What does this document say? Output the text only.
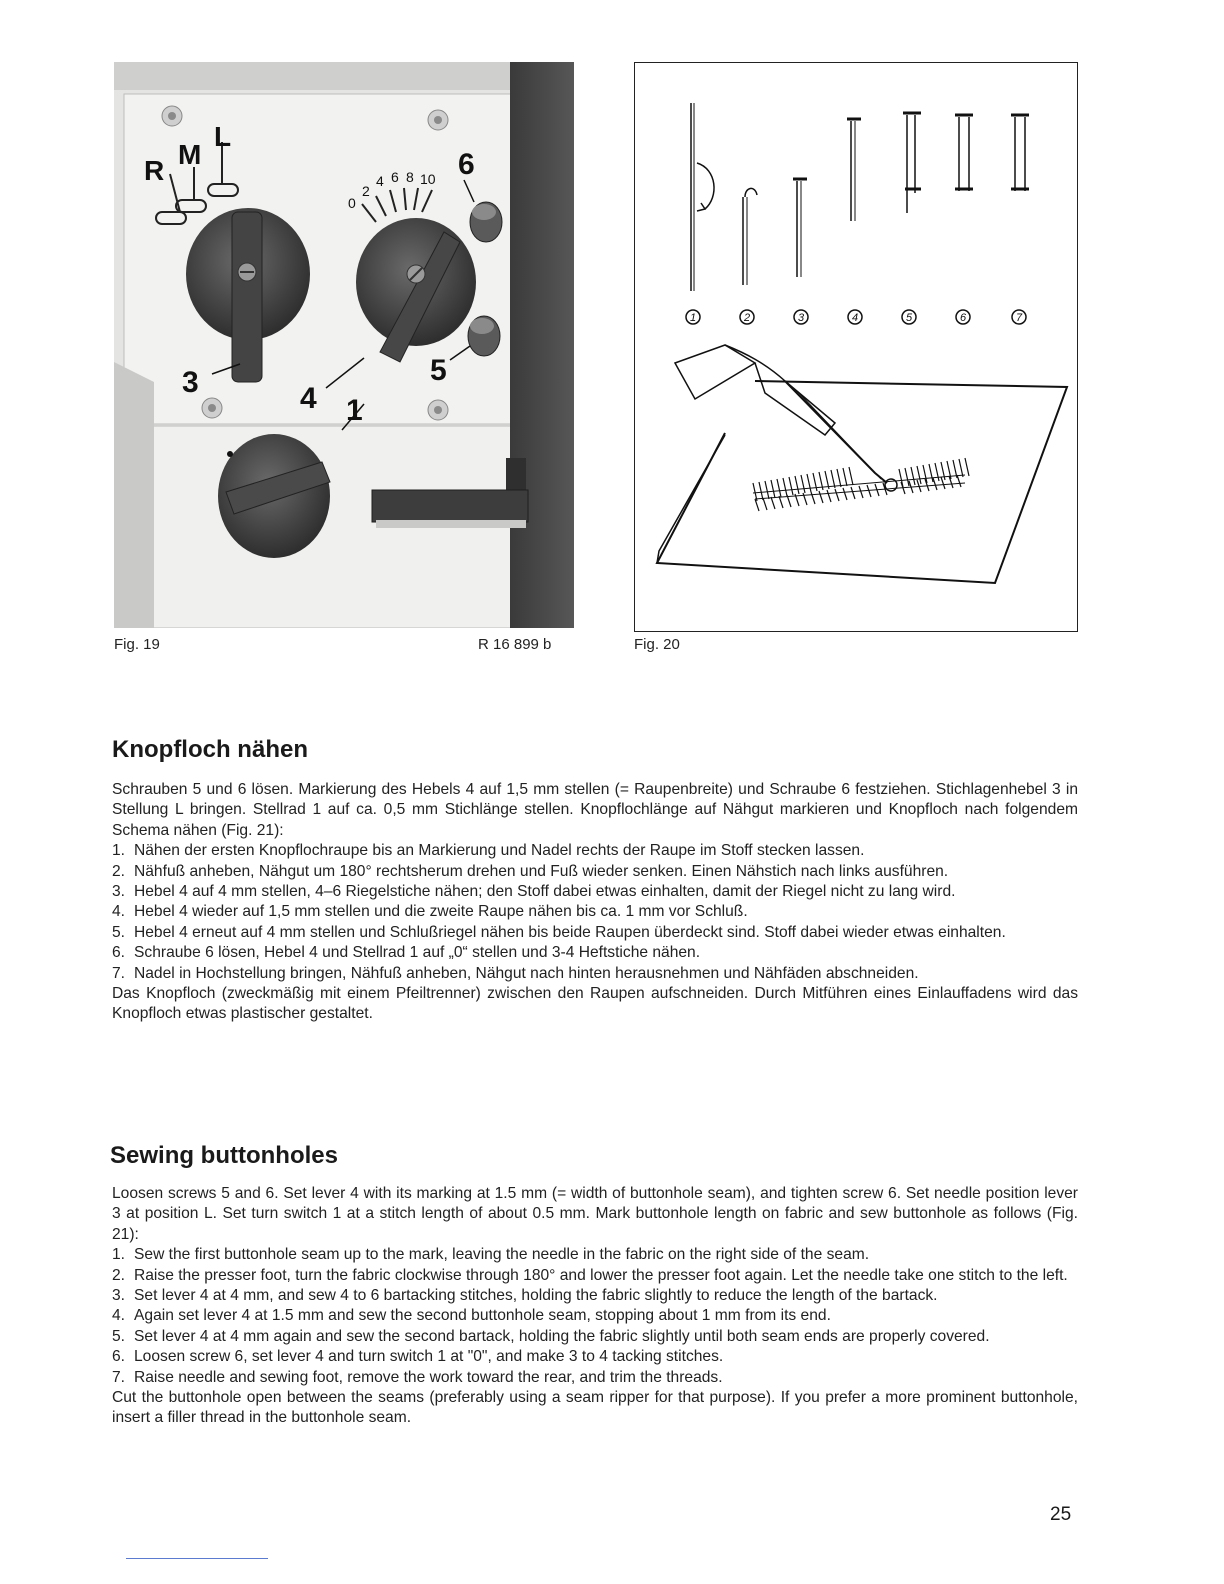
R
M
L
0
2
4 6 8 10 6
5
3	4 1
Fig. 19	R 16 899 b
1	2	3	4	5	6	7
Fig. 20
Knopfloch nähen

Schrauben 5 und 6 lösen. Markierung des Hebels 4 auf 1,5 mm stellen (= Raupenbreite) und Schraube 6 festziehen. Stichlagenhebel 3 in Stellung L bringen. Stellrad 1 auf ca. 0,5 mm Stichlänge stellen. Knopflochlänge auf Nähgut markieren und Knopfloch nach folgendem Schema nähen (Fig. 21):

1. Nähen der ersten Knopflochraupe bis an Markierung und Nadel rechts der Raupe im Stoff stecken lassen.
2. Nähfuß anheben, Nähgut um 180° rechtsherum drehen und Fuß wieder senken. Einen Nähstich nach links ausführen.
3. Hebel 4 auf 4 mm stellen, 4–6 Riegelstiche nähen; den Stoff dabei etwas einhalten, damit der Riegel nicht zu lang wird.
4. Hebel 4 wieder auf 1,5 mm stellen und die zweite Raupe nähen bis ca. 1 mm vor Schluß.
5. Hebel 4 erneut auf 4 mm stellen und Schlußriegel nähen bis beide Raupen überdeckt sind. Stoff dabei wieder etwas einhalten.
6. Schraube 6 lösen, Hebel 4 und Stellrad 1 auf „0“ stellen und 3-4 Heftstiche nähen.
7. Nadel in Hochstellung bringen, Nähfuß anheben, Nähgut nach hinten herausnehmen und Nähfäden abschneiden.

Das Knopfloch (zweckmäßig mit einem Pfeiltrenner) zwischen den Raupen aufschneiden. Durch Mitführen eines Einlauffadens wird das Knopfloch etwas plastischer gestaltet.

Sewing buttonholes

Loosen screws 5 and 6. Set lever 4 with its marking at 1.5 mm (= width of buttonhole seam), and tighten screw 6. Set needle position lever 3 at position L. Set turn switch 1 at a stitch length of about 0.5 mm. Mark buttonhole length on fabric and sew buttonhole as follows (Fig. 21):

1. Sew the first buttonhole seam up to the mark, leaving the needle in the fabric on the right side of the seam.
2. Raise the presser foot, turn the fabric clockwise through 180° and lower the presser foot again. Let the needle take one stitch to the left.
3. Set lever 4 at 4 mm, and sew 4 to 6 bartacking stitches, holding the fabric slightly to reduce the length of the bartack.
4. Again set lever 4 at 1.5 mm and sew the second buttonhole seam, stopping about 1 mm from its end.
5. Set lever 4 at 4 mm again and sew the second bartack, holding the fabric slightly until both seam ends are properly covered.
6. Loosen screw 6, set lever 4 and turn switch 1 at "0", and make 3 to 4 tacking stitches.
7. Raise needle and sewing foot, remove the work toward the rear, and trim the threads.

Cut the buttonhole open between the seams (preferably using a seam ripper for that purpose). If you prefer a more prominent buttonhole, insert a filler thread in the buttonhole seam.

25
